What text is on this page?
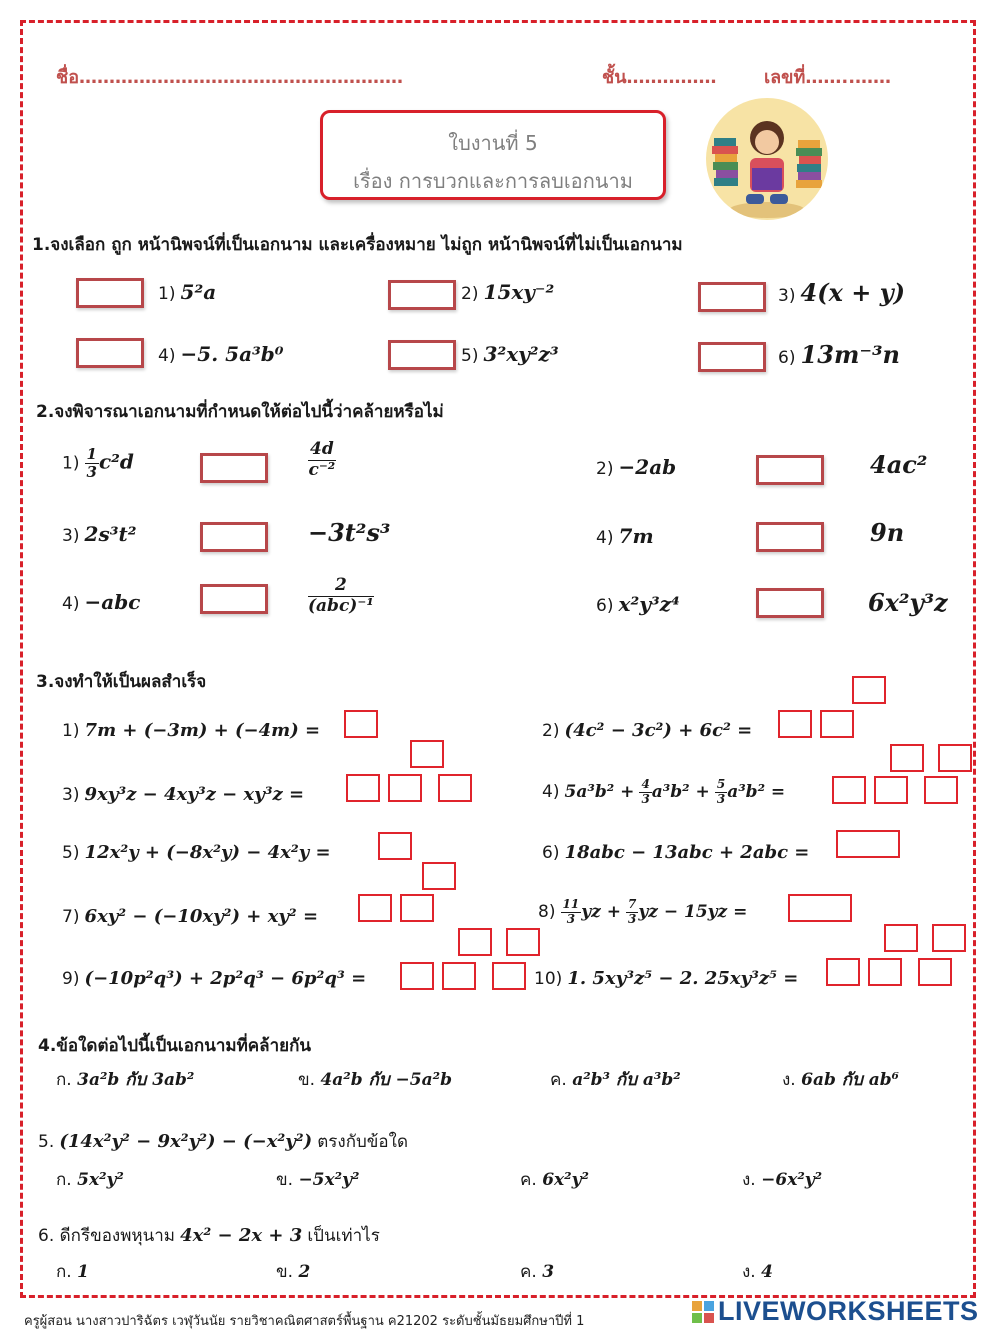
ชื่อ………………………………………………	ชั้น……………	เลขที่……..……
ใบงานที่ 5
เรื่อง การบวกและการลบเอกนาม
1.จงเลือก ถูก หน้านิพจน์ที่เป็นเอกนาม และเครื่องหมาย ไม่ถูก หน้านิพจน์ที่ไม่เป็นเอกนาม
1) 5²a	2) 15xy⁻²	3) 4(x + y)
4) −5. 5a³b⁰	5) 3²xy²z³	6) 13m⁻³n
2.จงพิจารณาเอกนามที่กำหนดให้ต่อไปนี้ว่าคล้ายหรือไม่
$1) \frac{1}{3} c^2d$	$\frac{4d}{\text{c⁻²}}$	2) −2ab	4ac²
3) 2s³t²	−3t²s³	4) 7m	9n
4) −abc	$\frac{2}{\text{(abc)⁻¹}}$	6) x²y³z⁴	6x²y³z
3.จงทำให้เป็นผลสำเร็จ
1) 7m + (−3m) + (−4m) =	2) (4c² − 3c²) + 6c² =
3) 9xy³z − 4xy³z − xy³z =	4) $5a^3b^2 + \frac{4}{3} a^3b^2 + \frac{5}{3} a^3b^2$ =
5) 12x²y + (−8x²y) − 4x²y =	6) 18abc − 13abc + 2abc =
7) 6xy² − (−10xy²) + xy² =	$8) \frac{11}{3}$ yz + $\frac{7}{3}$ yz − 15yz =
9) (−10p²q³) + 2p²q³ − 6p²q³ =	10) 1. 5xy³z⁵ − 2. 25xy³z⁵ =
4.ข้อใดต่อไปนี้เป็นเอกนามที่คล้ายกัน
ก. 3a²b กับ 3ab²	ข. 4a²b กับ −5a²b	ค. a²b³ กับ a³b²	ง. 6ab กับ ab⁶
5. (14x²y² − 9x²y²) − (−x²y²) ตรงกับข้อใด
ก. 5x²y²	ข. −5x²y²	ค. 6x²y²	ง. −6x²y²
6. ดีกรีของพหุนาม 4x² − 2x + 3 เป็นเท่าไร
ก. 1	ข. 2	ค. 3	ง. 4
ครูผู้สอน นางสาวปาริฉัตร เวฬุวันนัย รายวิชาคณิตศาสตร์พื้นฐาน ค21202 ระดับชั้นมัธยมศึกษาปีที่ 1	LIVEWORKSHEETS
